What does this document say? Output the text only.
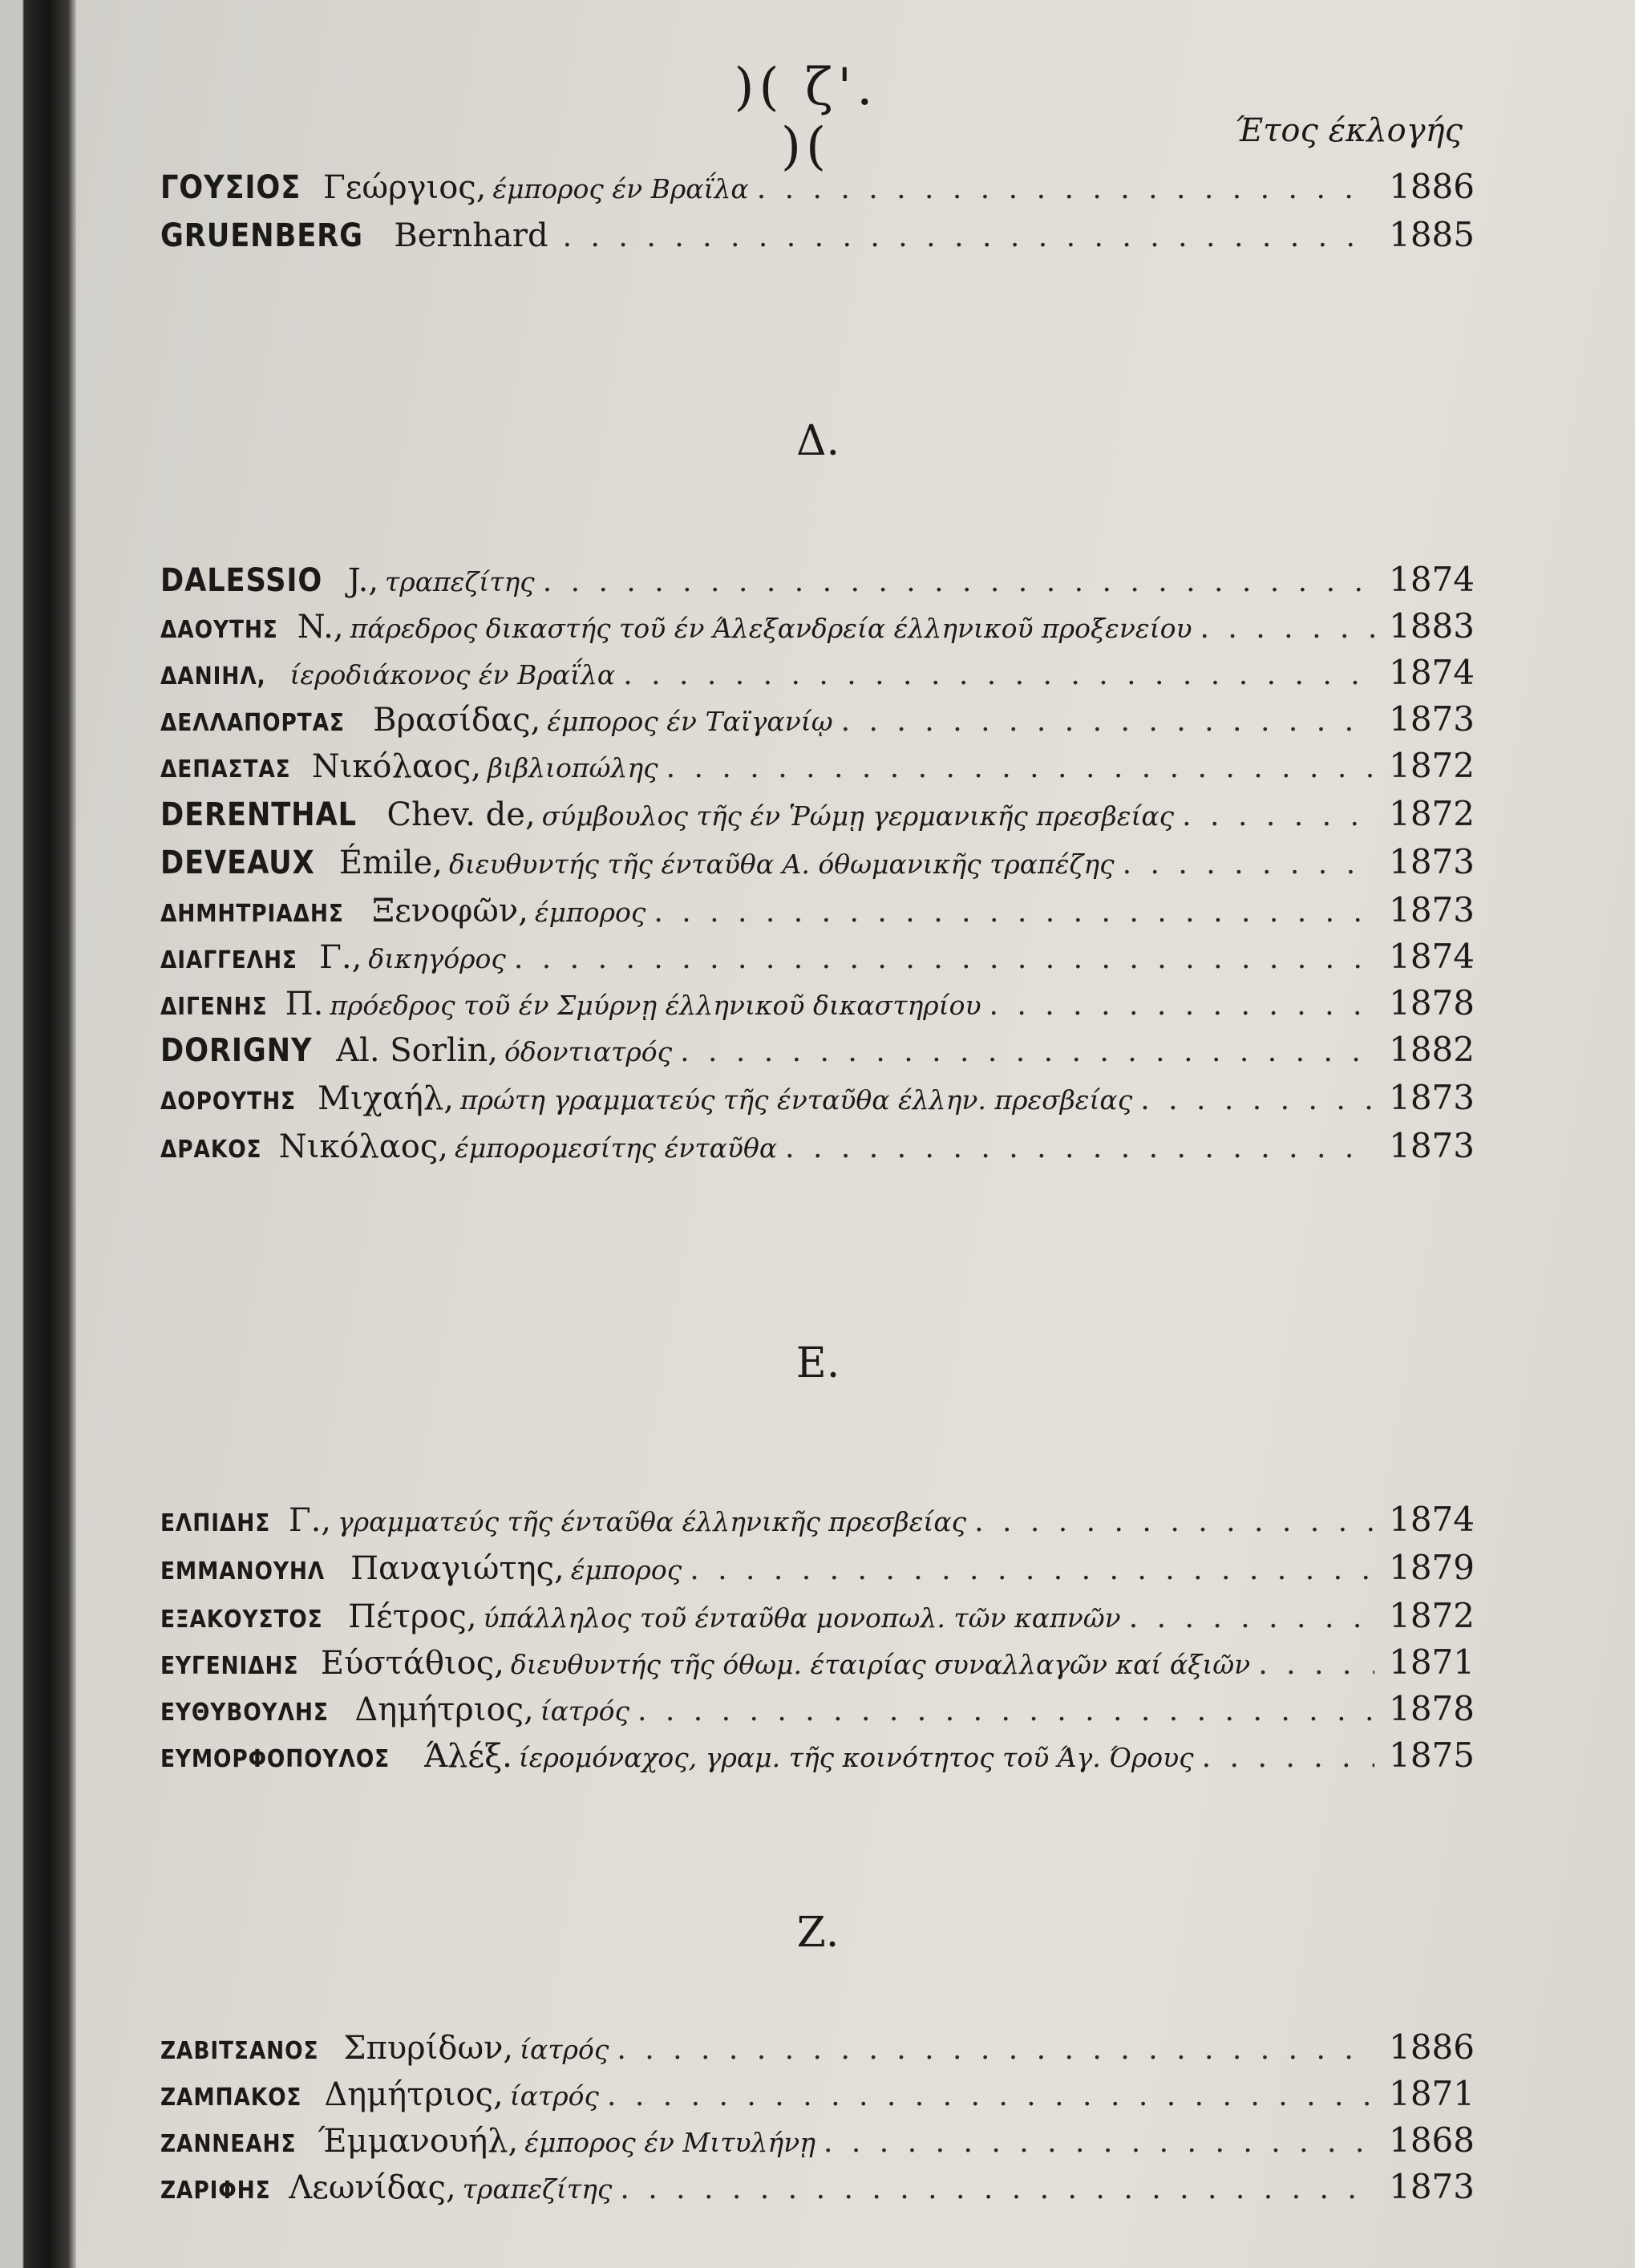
)( ζ'. )(	Έτος έκλογής
ΓΟΥΣΙΟΣ Γεώργιος, έμπορος έν Βραΐλα . . .	1886
GRUENBERG Bernhard . . .	1885
Δ.
DALESSIO J., τραπεζίτης . . .	1874
ΔΑΟΥΤΗΣ N., πάρεδρος δικαστής τοῦ έν Άλεξανδρεία έλληνικοῦ προξενείου . . .	1883
ΔΑΝΙΗΛ, ίεροδιάκονος έν Βραΐλα . . .	1874
ΔΕΛΛΑΠΟΡΤΑΣ Βρασίδας, έμπορος έν Ταϊγανίῳ . . .	1873
ΔΕΠΑΣΤΑΣ Νικόλαος, βιβλιοπώλης . . .	1872
DERENTHAL Chev. de, σύμβουλος τῆς έν Ῥώμῃ γερμανικῆς πρεσβείας . . .	1872
DEVEAUX Émile, διευθυντής τῆς ένταῦθα Α. όθωμανικῆς τραπέζης . . .	1873
ΔΗΜΗΤΡΙΑΔΗΣ Ξενοφῶν, έμπορος . . .	1873
ΔΙΑΓΓΕΛΗΣ Γ., δικηγόρος . . .	1874
ΔΙΓΕΝΗΣ Π. πρόεδρος τοῦ έν Σμύρνῃ έλληνικοῦ δικαστηρίου . . .	1878
DORIGNY Al. Sorlin, όδοντιατρός . . .	1882
ΔΟΡΟΥΤΗΣ Μιχαήλ, πρώτη γραμματεύς τῆς ένταῦθα έλλην. πρεσβείας . . .	1873
ΔΡΑΚΟΣ Νικόλαος, έμπορομεσίτης ένταῦθα . . .	1873
Ε.
ΕΛΠΙΔΗΣ Γ., γραμματεύς τῆς ένταῦθα έλληνικῆς πρεσβείας . . .	1874
ΕΜΜΑΝΟΥΗΛ Παναγιώτης, έμπορος . . .	1879
ΕΞΑΚΟΥΣΤΟΣ Πέτρος, ύπάλληλος τοῦ ένταῦθα μονοπωλ. τῶν καπνῶν . . .	1872
ΕΥΓΕΝΙΔΗΣ Εύστάθιος, διευθυντής τῆς όθωμ. έταιρίας συναλλαγῶν καί άξιῶν . . .	1871
ΕΥΘΥΒΟΥΛΗΣ Δημήτριος, ίατρός . . .	1878
ΕΥΜΟΡΦΟΠΟΥΛΟΣ Άλέξ. ίερομόναχος, γραμ. τῆς κοινότητος τοῦ Άγ. Όρους . . .	1875
Ζ.
ΖΑΒΙΤΣΑΝΟΣ Σπυρίδων, ίατρός . . .	1886
ΖΑΜΠΑΚΟΣ Δημήτριος, ίατρός . . .	1871
ΖΑΝΝΕΑΗΣ Έμμανουήλ, έμπορος έν Μιτυλήνῃ . . .	1868
ΖΑΡΙΦΗΣ Λεωνίδας, τραπεζίτης . . .	1873
